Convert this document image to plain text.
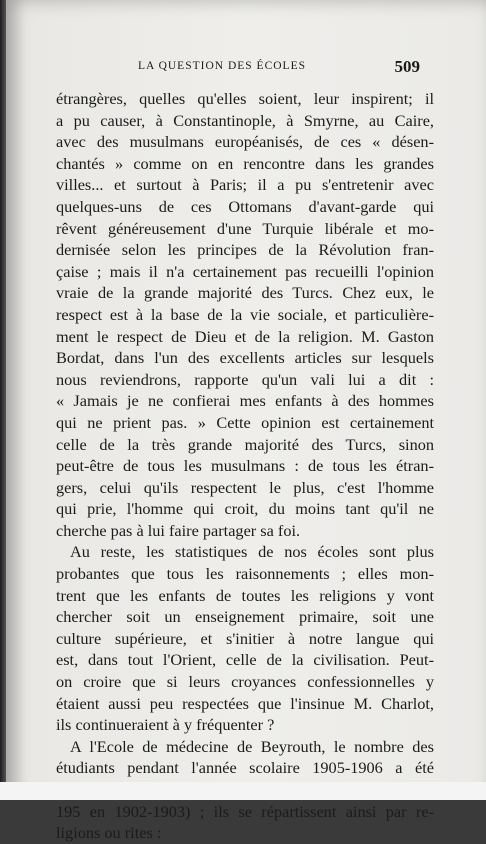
LA QUESTION DES ÉCOLES	509
étrangères, quelles qu'elles soient, leur inspirent; il
a pu causer, à Constantinople, à Smyrne, au Caire,
avec des musulmans européanisés, de ces « désen-
chantés » comme on en rencontre dans les grandes
villes... et surtout à Paris; il a pu s'entretenir avec
quelques-uns de ces Ottomans d'avant-garde qui
rêvent généreusement d'une Turquie libérale et mo-
dernisée selon les principes de la Révolution fran-
çaise ; mais il n'a certainement pas recueilli l'opinion
vraie de la grande majorité des Turcs. Chez eux, le
respect est à la base de la vie sociale, et particulière-
ment le respect de Dieu et de la religion. M. Gaston
Bordat, dans l'un des excellents articles sur lesquels
nous reviendrons, rapporte qu'un vali lui a dit :
« Jamais je ne confierai mes enfants à des hommes
qui ne prient pas. » Cette opinion est certainement
celle de la très grande majorité des Turcs, sinon
peut-être de tous les musulmans : de tous les étran-
gers, celui qu'ils respectent le plus, c'est l'homme
qui prie, l'homme qui croit, du moins tant qu'il ne
cherche pas à lui faire partager sa foi.
Au reste, les statistiques de nos écoles sont plus
probantes que tous les raisonnements ; elles mon-
trent que les enfants de toutes les religions y vont
chercher soit un enseignement primaire, soit une
culture supérieure, et s'initier à notre langue qui
est, dans tout l'Orient, celle de la civilisation. Peut-
on croire que si leurs croyances confessionnelles y
étaient aussi peu respectées que l'insinue M. Charlot,
ils continueraient à y fréquenter ?
A l'Ecole de médecine de Beyrouth, le nombre des
étudiants pendant l'année scolaire 1905-1906 a été
195 en 1902-1903) ; ils se répartissent ainsi par re-
ligions ou rites :
